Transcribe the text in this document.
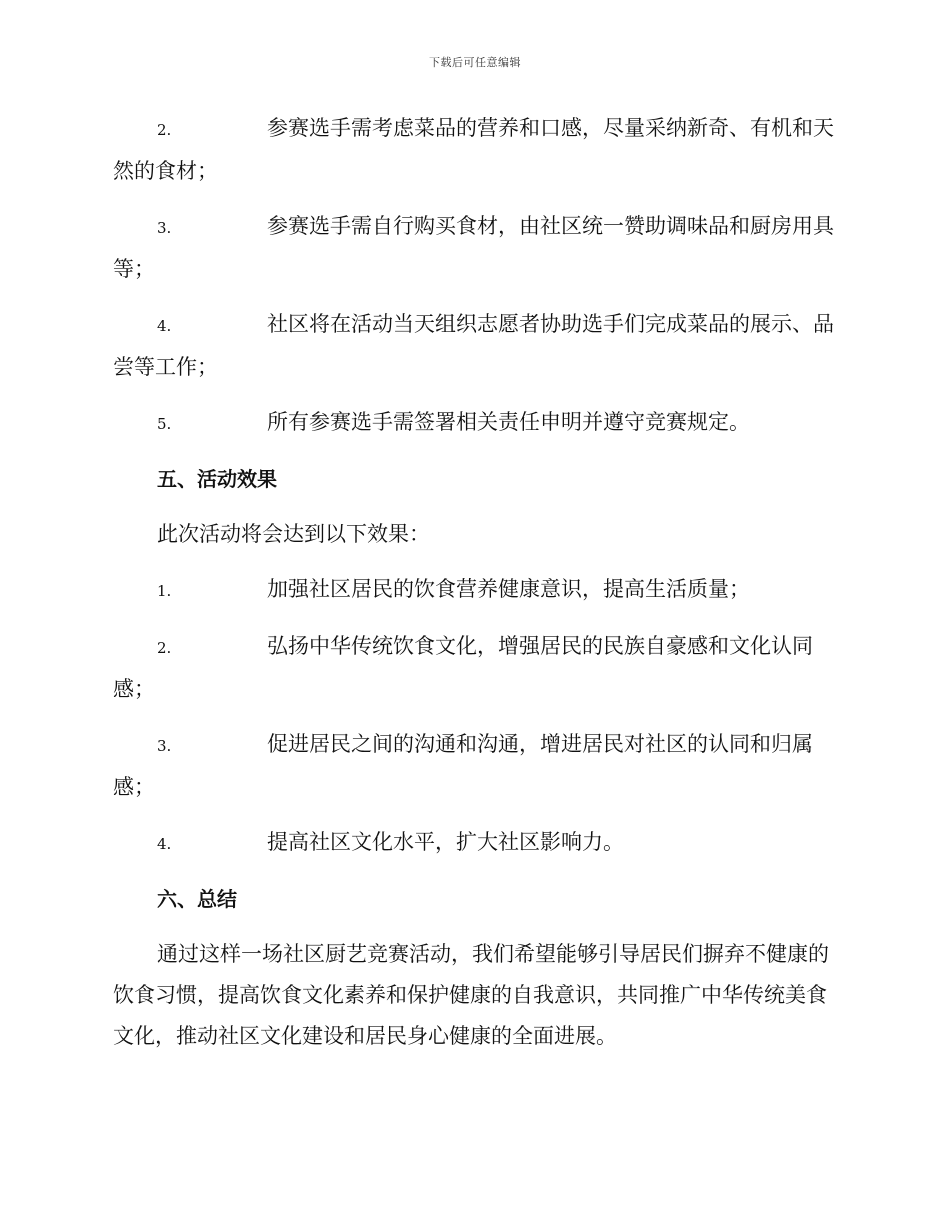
下载后可任意编辑
2.	参赛选手需考虑菜品的营养和口感，尽量采纳新奇、有机和天然的食材；
3.	参赛选手需自行购买食材，由社区统一赞助调味品和厨房用具等；
4.	社区将在活动当天组织志愿者协助选手们完成菜品的展示、品尝等工作；
5.	所有参赛选手需签署相关责任申明并遵守竞赛规定。
五、活动效果
此次活动将会达到以下效果：
1.	加强社区居民的饮食营养健康意识，提高生活质量；
2.	弘扬中华传统饮食文化，增强居民的民族自豪感和文化认同感；
3.	促进居民之间的沟通和沟通，增进居民对社区的认同和归属感；
4.	提高社区文化水平，扩大社区影响力。
六、总结
通过这样一场社区厨艺竞赛活动，我们希望能够引导居民们摒弃不健康的饮食习惯，提高饮食文化素养和保护健康的自我意识，共同推广中华传统美食文化，推动社区文化建设和居民身心健康的全面进展。
